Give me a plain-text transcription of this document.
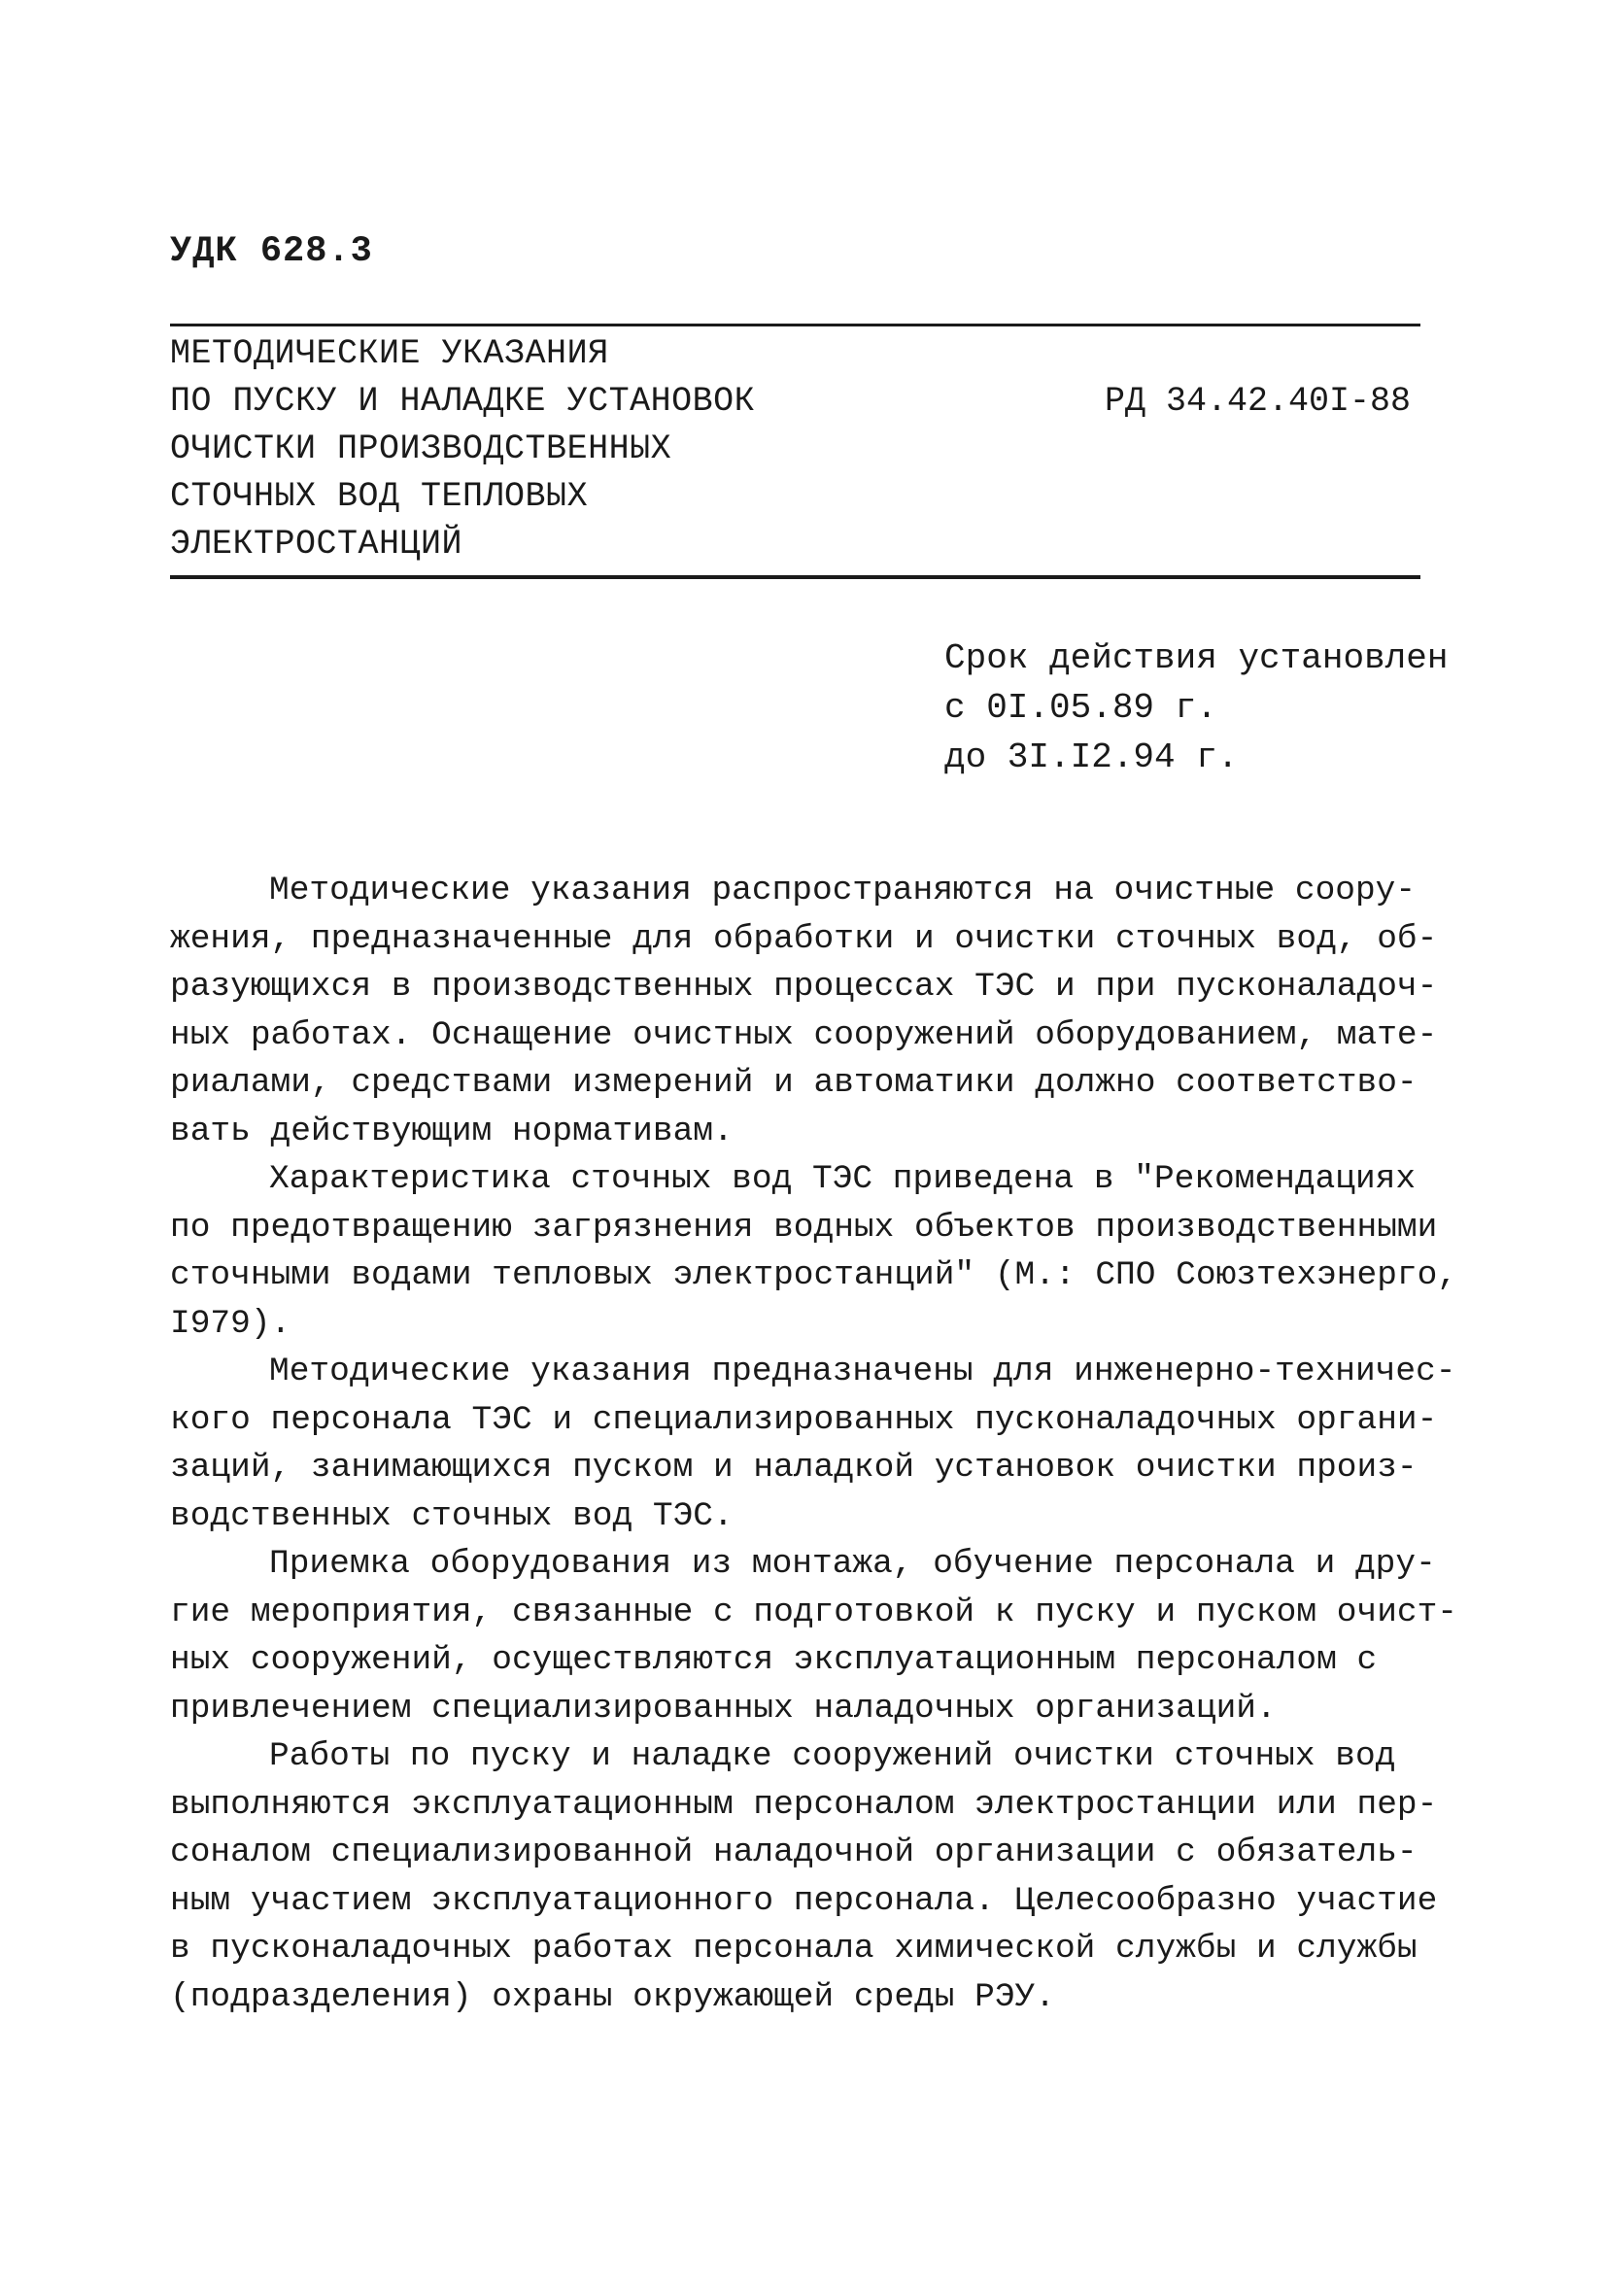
УДК 628.3
МЕТОДИЧЕСКИЕ УКАЗАНИЯ
ПО ПУСКУ И НАЛАДКЕ УСТАНОВОК
ОЧИСТКИ ПРОИЗВОДСТВЕННЫХ
СТОЧНЫХ ВОД ТЕПЛОВЫХ
ЭЛЕКТРОСТАНЦИЙ
РД 34.42.40I-88
Срок действия установлен
с 0I.05.89 г.
до 3I.I2.94 г.
Методические указания распространяются на очистные соору-
жения, предназначенные для обработки и очистки сточных вод, об-
разующихся в производственных процессах ТЭС и при пусконаладоч-
ных работах. Оснащение очистных сооружений оборудованием, мате-
риалами, средствами измерений и автоматики должно соответство-
вать действующим нормативам.
Характеристика сточных вод ТЭС приведена в "Рекомендациях
по предотвращению загрязнения водных объектов производственными
сточными водами тепловых электростанций" (М.: СПО Союзтехэнерго,
I979).
Методические указания предназначены для инженерно-техничес-
кого персонала ТЭС и специализированных пусконаладочных органи-
заций, занимающихся пуском и наладкой установок очистки произ-
водственных сточных вод ТЭС.
Приемка оборудования из монтажа, обучение персонала и дру-
гие мероприятия, связанные с подготовкой к пуску и пуском очист-
ных сооружений, осуществляются эксплуатационным персоналом с
привлечением специализированных наладочных организаций.
Работы по пуску и наладке сооружений очистки сточных вод
выполняются эксплуатационным персоналом электростанции или пер-
соналом специализированной наладочной организации с обязатель-
ным участием эксплуатационного персонала. Целесообразно участие
в пусконаладочных работах персонала химической службы и службы
(подразделения) охраны окружающей среды РЭУ.
